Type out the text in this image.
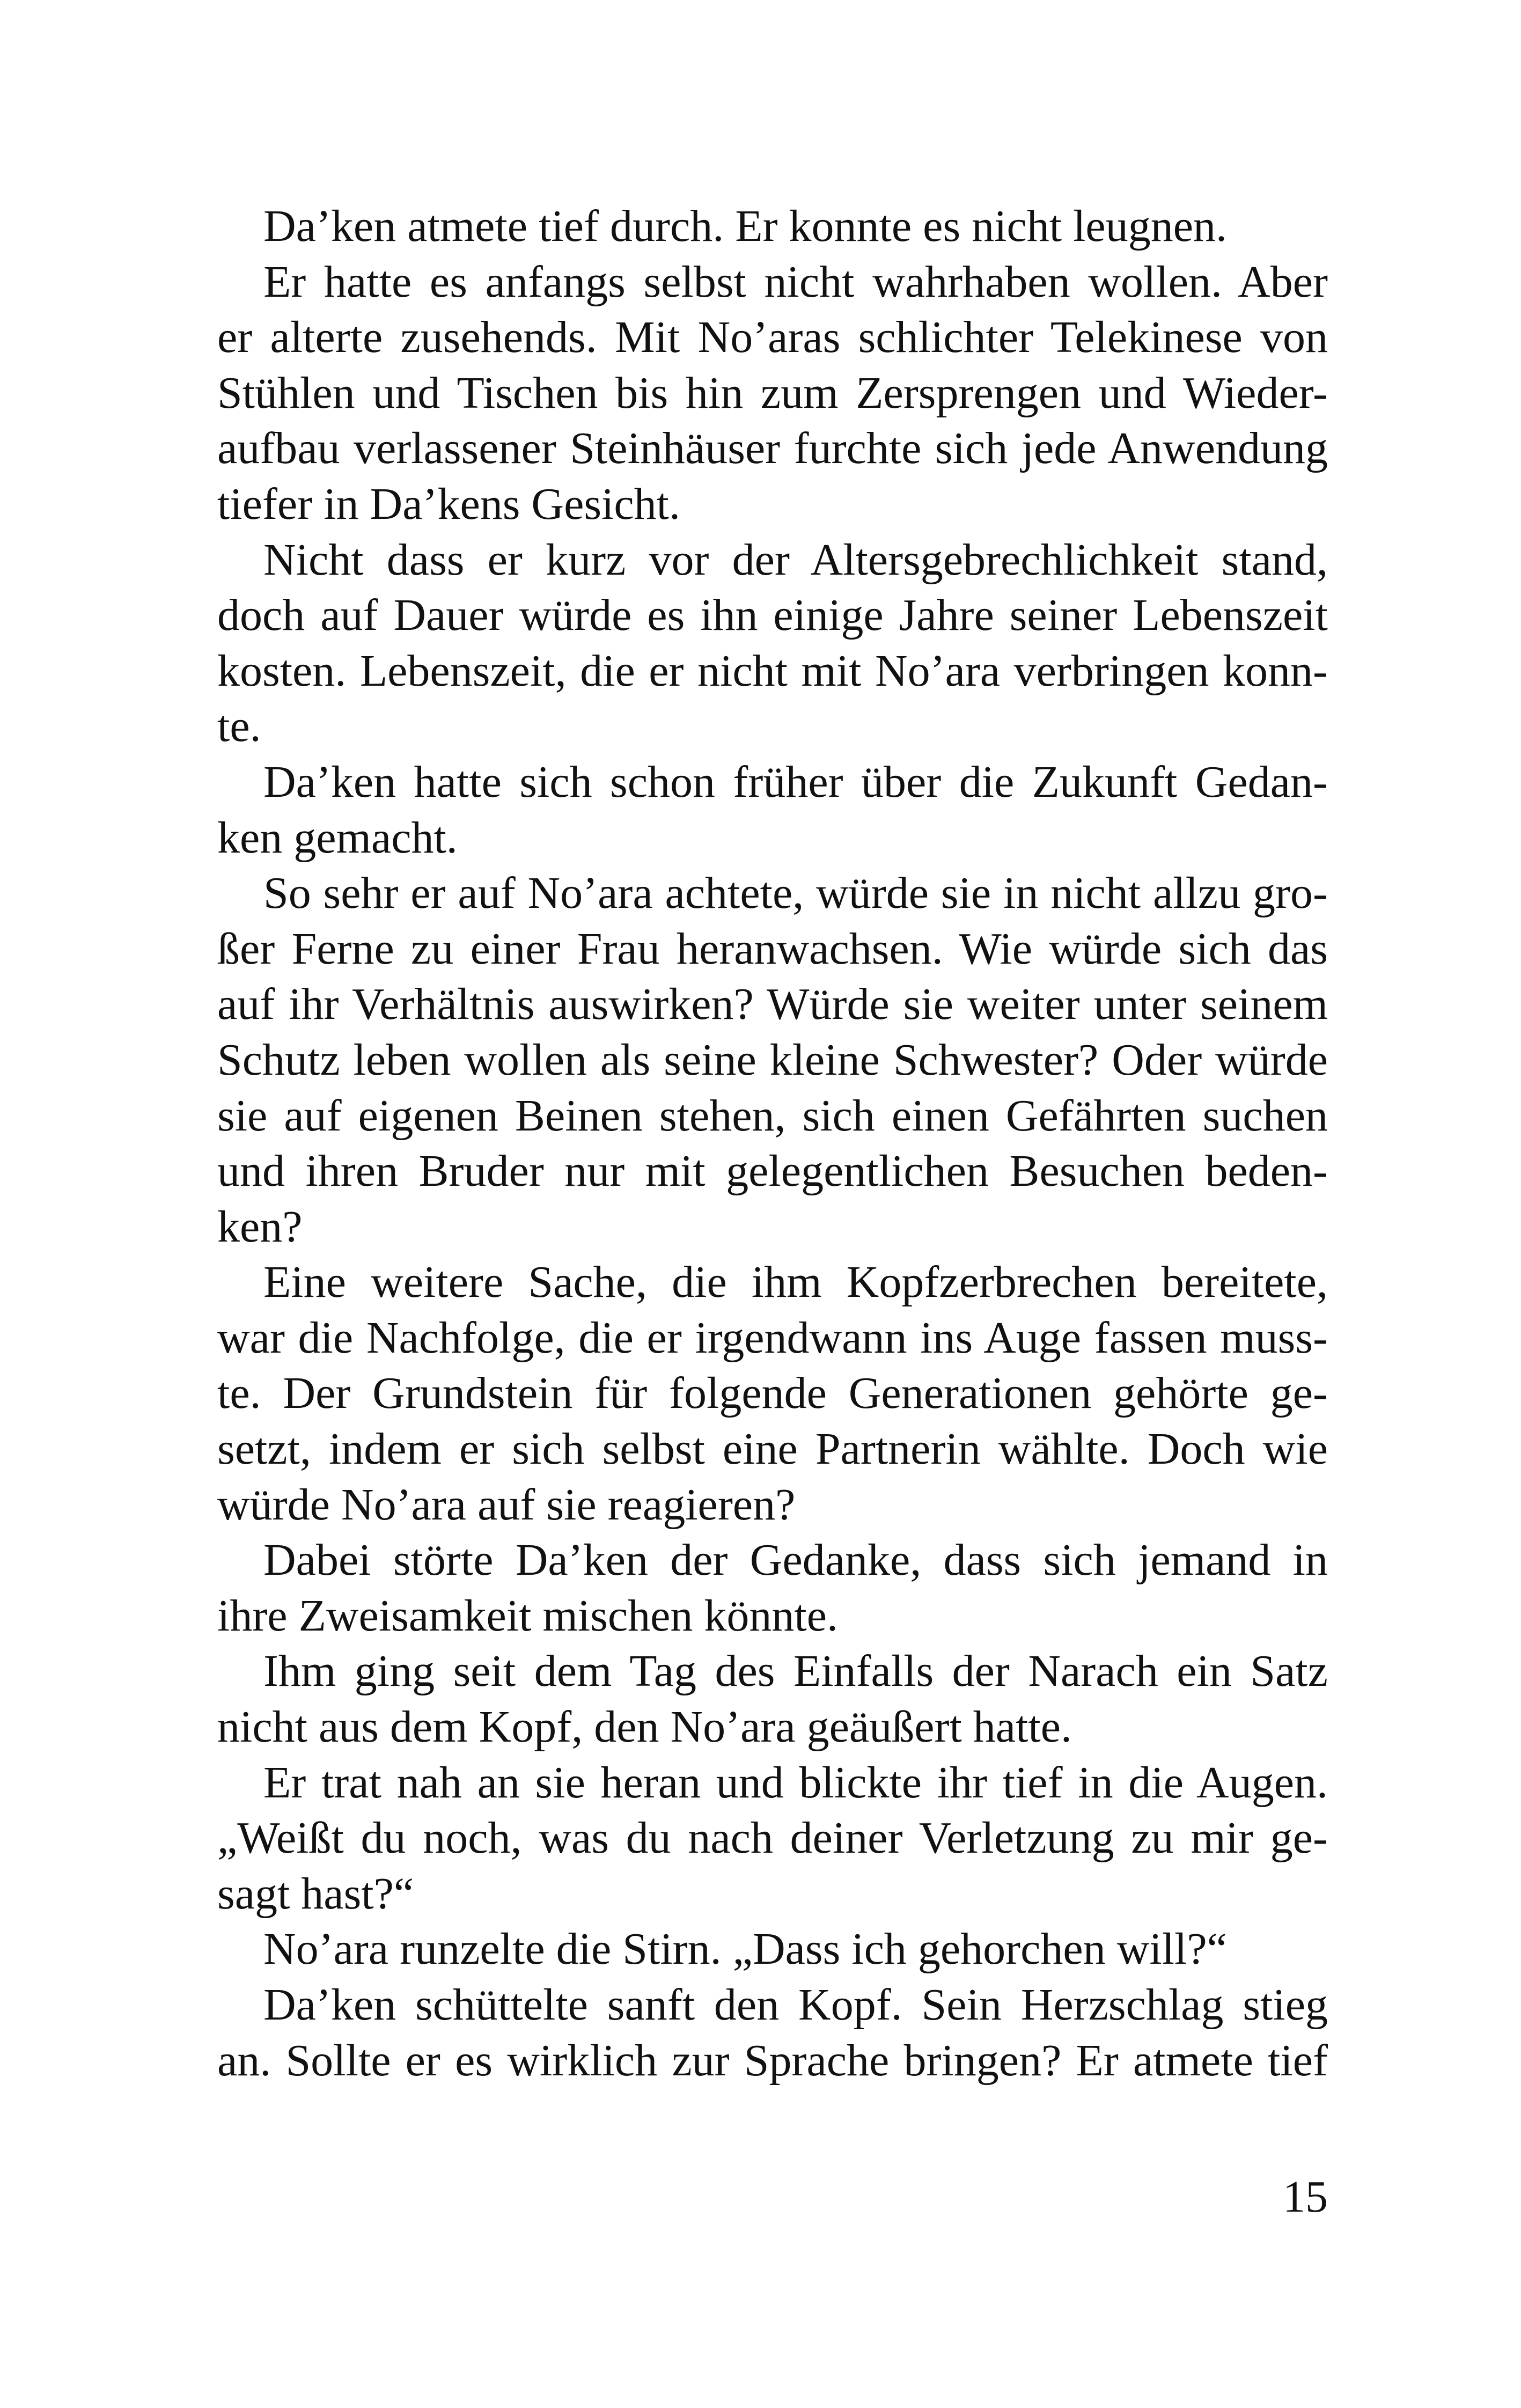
Da’ken atmete tief durch. Er konnte es nicht leugnen.
Er hatte es anfangs selbst nicht wahrhaben wollen. Aber
er alterte zusehends. Mit No’aras schlichter Telekinese von
Stühlen und Tischen bis hin zum Zersprengen und Wieder-
aufbau verlassener Steinhäuser furchte sich jede Anwendung
tiefer in Da’kens Gesicht.
Nicht dass er kurz vor der Altersgebrechlichkeit stand,
doch auf Dauer würde es ihn einige Jahre seiner Lebenszeit
kosten. Lebenszeit, die er nicht mit No’ara verbringen konn-
te.
Da’ken hatte sich schon früher über die Zukunft Gedan-
ken gemacht.
So sehr er auf No’ara achtete, würde sie in nicht allzu gro-
ßer Ferne zu einer Frau heranwachsen. Wie würde sich das
auf ihr Verhältnis auswirken? Würde sie weiter unter seinem
Schutz leben wollen als seine kleine Schwester? Oder würde
sie auf eigenen Beinen stehen, sich einen Gefährten suchen
und ihren Bruder nur mit gelegentlichen Besuchen beden-
ken?
Eine weitere Sache, die ihm Kopfzerbrechen bereitete,
war die Nachfolge, die er irgendwann ins Auge fassen muss-
te. Der Grundstein für folgende Generationen gehörte ge-
setzt, indem er sich selbst eine Partnerin wählte. Doch wie
würde No’ara auf sie reagieren?
Dabei störte Da’ken der Gedanke, dass sich jemand in
ihre Zweisamkeit mischen könnte.
Ihm ging seit dem Tag des Einfalls der Narach ein Satz
nicht aus dem Kopf, den No’ara geäußert hatte.
Er trat nah an sie heran und blickte ihr tief in die Augen.
„Weißt du noch, was du nach deiner Verletzung zu mir ge-
sagt hast?“
No’ara runzelte die Stirn. „Dass ich gehorchen will?“
Da’ken schüttelte sanft den Kopf. Sein Herzschlag stieg
an. Sollte er es wirklich zur Sprache bringen? Er atmete tief
15
